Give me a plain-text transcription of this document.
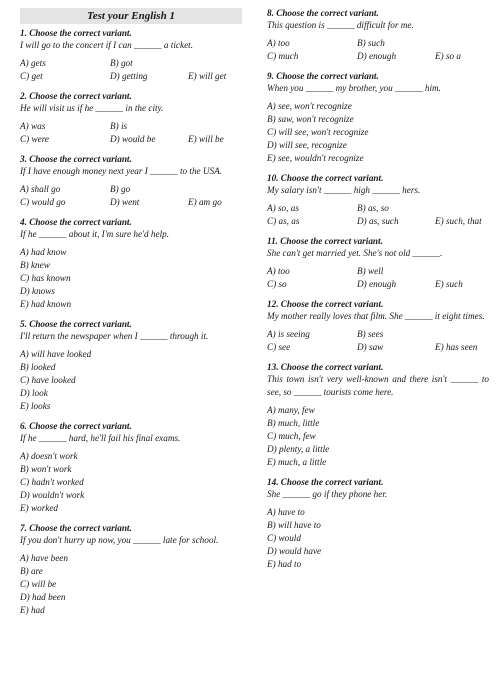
Test your English 1
1. Choose the correct variant.
I will go to the concert if I can ______ a ticket.
A) gets	B) got
C) get	D) getting	E) will get
2. Choose the correct variant.
He will visit us if he ______ in the city.
A) was	B) is
C) were	D) would be	E) will be
3. Choose the correct variant.
If I have enough money next year I ______ to the USA.
A) shall go	B) go
C) would go	D) went	E) am go
4. Choose the correct variant.
If he ______ about it, I'm sure he'd help.
A) had know
B) knew
C) has known
D) knows
E) had known
5. Choose the correct variant.
I'll return the newspaper when I ______ through it.
A) will have looked
B) looked
C) have looked
D) look
E) looks
6. Choose the correct variant.
If he ______ hard, he'll fail his final exams.
A) doesn't work
B) won't work
C) hadn't worked
D) wouldn't work
E) worked
7. Choose the correct variant.
If you don't hurry up now, you ______ late for school.
A) have been
B) are
C) will be
D) had been
E) had
8. Choose the correct variant.
This question is ______ difficult for me.
A) too	B) such
C) much	D) enough	E) so a
9. Choose the correct variant.
When you ______ my brother, you ______ him.
A) see, won't recognize
B) saw, won't recognize
C) will see, won't recognize
D) will see, recognize
E) see, wouldn't recognize
10. Choose the correct variant.
My salary isn't ______ high ______ hers.
A) so, as	B) as, so
C) as, as	D) as, such	E) such, that
11. Choose the correct variant.
She can't get married yet. She's not old ______.
A) too	B) well
C) so	D) enough	E) such
12. Choose the correct variant.
My mother really loves that film. She ______ it eight times.
A) is seeing	B) sees
C) see	D) saw	E) has seen
13. Choose the correct variant.
This town isn't very well-known and there isn't ______ to see, so ______ tourists come here.
A) many, few
B) much, little
C) much, few
D) plenty, a little
E) much, a little
14. Choose the correct variant.
She ______ go if they phone her.
A) have to
B) will have to
C) would
D) would have
E) had to
